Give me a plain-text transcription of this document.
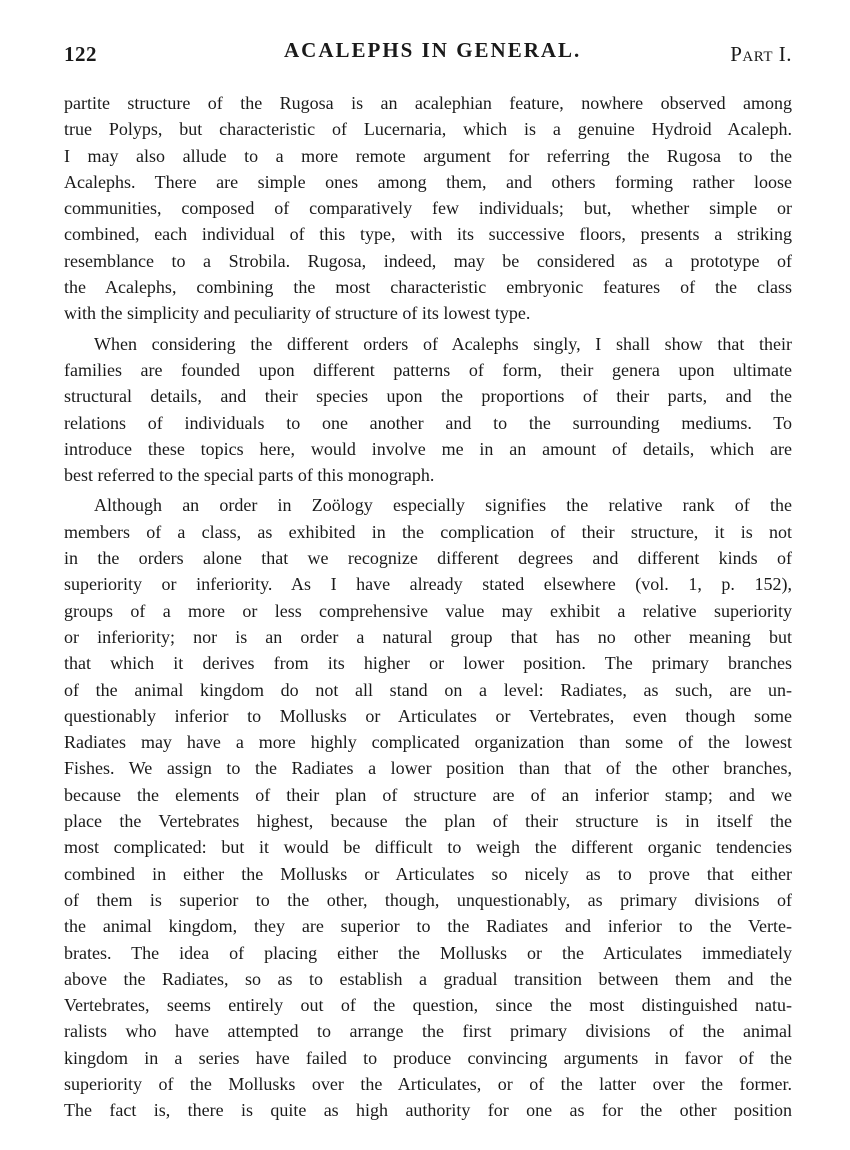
122	ACALEPHS IN GENERAL.	Part I.

partite structure of the Rugosa is an acalephian feature, nowhere observed among
true Polyps, but characteristic of Lucernaria, which is a genuine Hydroid Acaleph.
I may also allude to a more remote argument for referring the Rugosa to the
Acalephs. There are simple ones among them, and others forming rather loose
communities, composed of comparatively few individuals; but, whether simple or
combined, each individual of this type, with its successive floors, presents a striking
resemblance to a Strobila. Rugosa, indeed, may be considered as a prototype of
the Acalephs, combining the most characteristic embryonic features of the class
with the simplicity and peculiarity of structure of its lowest type.

When considering the different orders of Acalephs singly, I shall show that their
families are founded upon different patterns of form, their genera upon ultimate
structural details, and their species upon the proportions of their parts, and the
relations of individuals to one another and to the surrounding mediums. To
introduce these topics here, would involve me in an amount of details, which are
best referred to the special parts of this monograph.

Although an order in Zoölogy especially signifies the relative rank of the
members of a class, as exhibited in the complication of their structure, it is not
in the orders alone that we recognize different degrees and different kinds of
superiority or inferiority. As I have already stated elsewhere (vol. 1, p. 152),
groups of a more or less comprehensive value may exhibit a relative superiority
or inferiority; nor is an order a natural group that has no other meaning but
that which it derives from its higher or lower position. The primary branches
of the animal kingdom do not all stand on a level: Radiates, as such, are un-
questionably inferior to Mollusks or Articulates or Vertebrates, even though some
Radiates may have a more highly complicated organization than some of the lowest
Fishes. We assign to the Radiates a lower position than that of the other branches,
because the elements of their plan of structure are of an inferior stamp; and we
place the Vertebrates highest, because the plan of their structure is in itself the
most complicated: but it would be difficult to weigh the different organic tendencies
combined in either the Mollusks or Articulates so nicely as to prove that either
of them is superior to the other, though, unquestionably, as primary divisions of
the animal kingdom, they are superior to the Radiates and inferior to the Verte-
brates. The idea of placing either the Mollusks or the Articulates immediately
above the Radiates, so as to establish a gradual transition between them and the
Vertebrates, seems entirely out of the question, since the most distinguished natu-
ralists who have attempted to arrange the first primary divisions of the animal
kingdom in a series have failed to produce convincing arguments in favor of the
superiority of the Mollusks over the Articulates, or of the latter over the former.
The fact is, there is quite as high authority for one as for the other position
